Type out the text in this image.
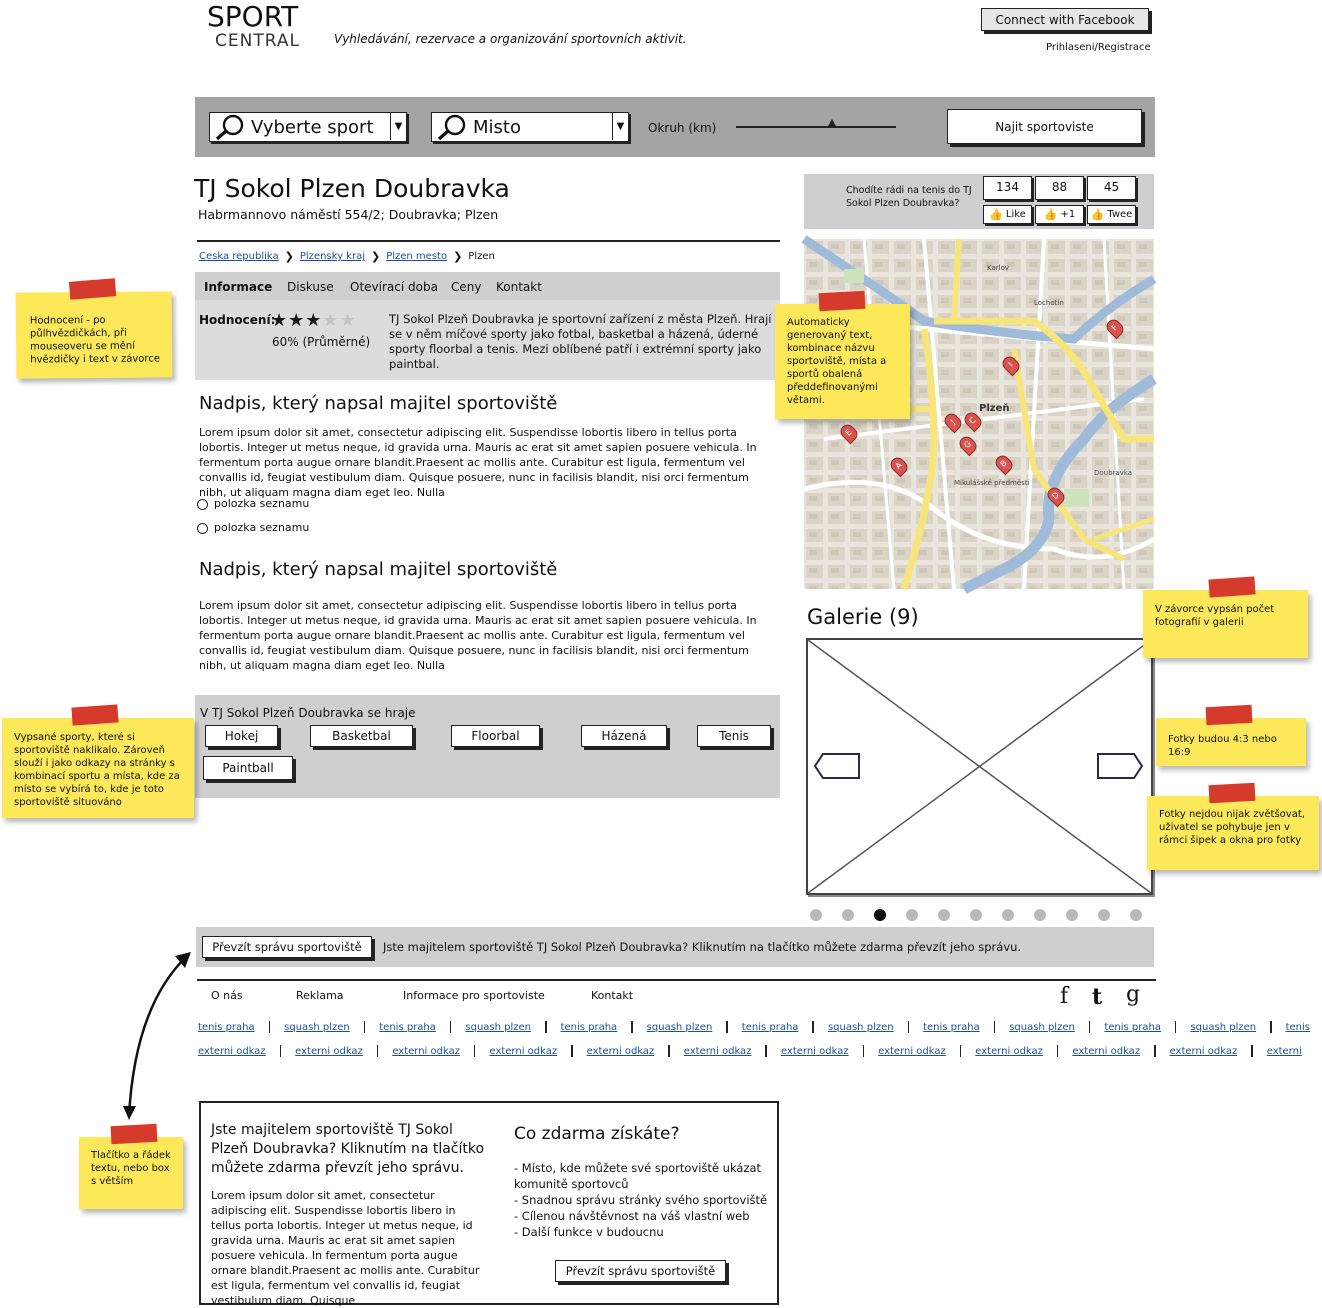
SPORT
CENTRAL	Vyhledávání, rezervace a organizování sportovních aktivit.
Connect with Facebook
Prihlaseni/Registrace
Vyberte sport	▼	Misto	▼	Okruh (km)	Najit sportoviste
TJ Sokol Plzen Doubravka
Habrmannovo náměstí 554/2; Doubravka; Plzen
Ceska republika ❯ Plzensky kraj ❯ Plzen mesto ❯ Plzen
Informace Diskuse Otevírací doba Ceny Kontakt
Hodnocení:
★ ★ ★ ★ ★
60% (Průměrné)
TJ Sokol Plzeň Doubravka je sportovní zařízení z města Plzeň. Hrají se v něm míčové sporty jako fotbal, basketbal a házená, úderné sporty floorbal a tenis. Mezi oblíbené patří i extrémní sporty jako paintbal.
Nadpis, který napsal majitel sportoviště
Lorem ipsum dolor sit amet, consectetur adipiscing elit. Suspendisse lobortis libero in tellus porta lobortis. Integer ut metus neque, id gravida urna. Mauris ac erat sit amet sapien posuere vehicula. In fermentum porta augue ornare blandit.Praesent ac mollis ante. Curabitur est ligula, fermentum vel convallis id, feugiat vestibulum diam. Quisque posuere, nunc in facilisis blandit, nisi orci fermentum nibh, ut aliquam magna diam eget leo. Nulla
polozka seznamu
polozka seznamu
Nadpis, který napsal majitel sportoviště
Lorem ipsum dolor sit amet, consectetur adipiscing elit. Suspendisse lobortis libero in tellus porta lobortis. Integer ut metus neque, id gravida urna. Mauris ac erat sit amet sapien posuere vehicula. In fermentum porta augue ornare blandit.Praesent ac mollis ante. Curabitur est ligula, fermentum vel convallis id, feugiat vestibulum diam. Quisque posuere, nunc in facilisis blandit, nisi orci fermentum nibh, ut aliquam magna diam eget leo. Nulla
V TJ Sokol Plzeň Doubravka se hraje
Hokej	Basketbal	Floorbal	Házená	Tenis
Paintball
Chodíte rádi na tenis do TJ Sokol Plzen Doubravka?
134	88	45
👍 Like 👍 +1 👍 Twee
Plzeň
Karlov
Lochotín
Doubravka
Mikulášské předměstí
A	B
C
D
E
F
G
I
J
Galerie (9)
Převzít správu sportoviště	Jste majitelem sportoviště TJ Sokol Plzeň Doubravka? Kliknutím na tlačítko můžete zdarma převzít jeho správu.
O nás	Reklama	Informace pro sportoviste	Kontakt	f t g
tenis praha	squash plzen	tenis praha	squash plzen	tenis praha	squash plzen	tenis praha	squash plzen	tenis praha	squash plzen	tenis praha	squash plzen	tenis
externi odkaz	externi odkaz	externi odkaz	externi odkaz	externi odkaz	externi odkaz	externi odkaz	externi odkaz	externi odkaz	externi odkaz	externi odkaz	externi
Jste majitelem sportoviště TJ Sokol Plzeň Doubravka? Kliknutím na tlačítko můžete zdarma převzít jeho správu.
Lorem ipsum dolor sit amet, consectetur adipiscing elit. Suspendisse lobortis libero in tellus porta lobortis. Integer ut metus neque, id gravida urna. Mauris ac erat sit amet sapien posuere vehicula. In fermentum porta augue ornare blandit.Praesent ac mollis ante. Curabitur est ligula, fermentum vel convallis id, feugiat vestibulum diam. Quisque
Co zdarma získáte?
- Místo, kde můžete své sportoviště ukázat komunitě sportovců
- Snadnou správu stránky svého sportoviště
- Cílenou návštěvnost na váš vlastní web
- Další funkce v budoucnu
Převzít správu sportoviště
Hodnocení - po půlhvězdičkách, při mouseoveru se mění hvězdičky i text v závorce
Automaticky generovaný text, kombinace názvu sportoviště, místa a sportů obalená předdefinovanými větami.
V závorce vypsán počet fotografií v galerii
Fotky budou 4:3 nebo 16:9
Fotky nejdou nijak zvětšovat, uživatel se pohybuje jen v rámci šipek a okna pro fotky
Vypsané sporty, které si sportoviště naklikalo. Zároveň slouží i jako odkazy na stránky s kombinací sportu a místa, kde za místo se vybírá to, kde je toto sportoviště situováno
Tlačítko a řádek textu, nebo box s větším
